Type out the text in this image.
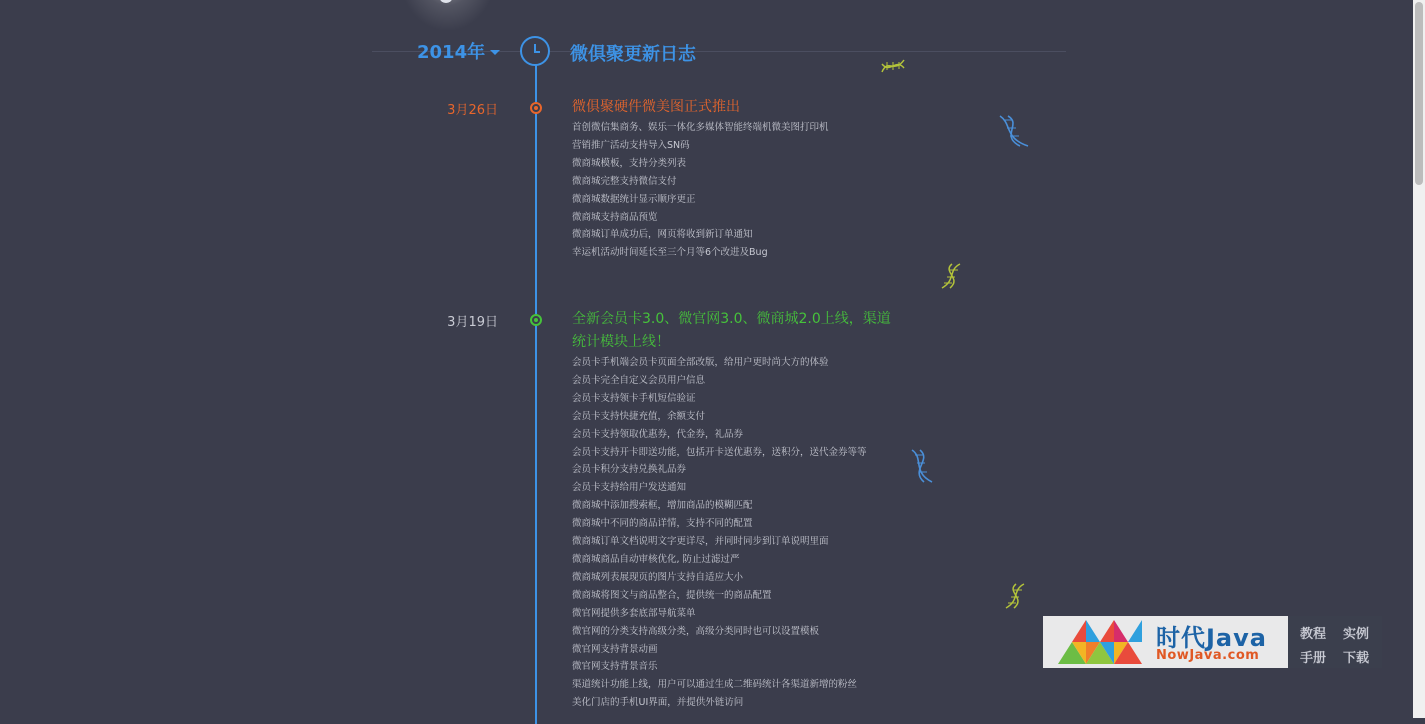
2014年	微俱聚更新日志
3月26日	微俱聚硬件微美图正式推出
首创微信集商务、娱乐一体化多媒体智能终端机微美图打印机
营销推广活动支持导入SN码
微商城模板，支持分类列表
微商城完整支持微信支付
微商城数据统计显示顺序更正
微商城支持商品预览
微商城订单成功后，网页将收到新订单通知
幸运机活动时间延长至三个月等6个改进及Bug
3月19日	全新会员卡3.0、微官网3.0、微商城2.0上线，渠道
统计模块上线！
会员卡手机端会员卡页面全部改版，给用户更时尚大方的体验
会员卡完全自定义会员用户信息
会员卡支持领卡手机短信验证
会员卡支持快捷充值，余额支付
会员卡支持领取优惠券，代金券，礼品券
会员卡支持开卡即送功能，包括开卡送优惠券，送积分，送代金券等等
会员卡积分支持兑换礼品券
会员卡支持给用户发送通知
微商城中添加搜索框，增加商品的模糊匹配
微商城中不同的商品详情，支持不同的配置
微商城订单文档说明文字更详尽，并同时同步到订单说明里面
微商城商品自动审核优化, 防止过滤过严
微商城列表展现页的图片支持自适应大小
微商城将图文与商品整合，提供统一的商品配置
微官网提供多套底部导航菜单
微官网的分类支持高级分类，高级分类同时也可以设置模板
微官网支持背景动画
微官网支持背景音乐
渠道统计功能上线，用户可以通过生成二维码统计各渠道新增的粉丝
美化门店的手机UI界面，并提供外链访问
时代Java
NowJava.com
教程 实例
手册 下载
